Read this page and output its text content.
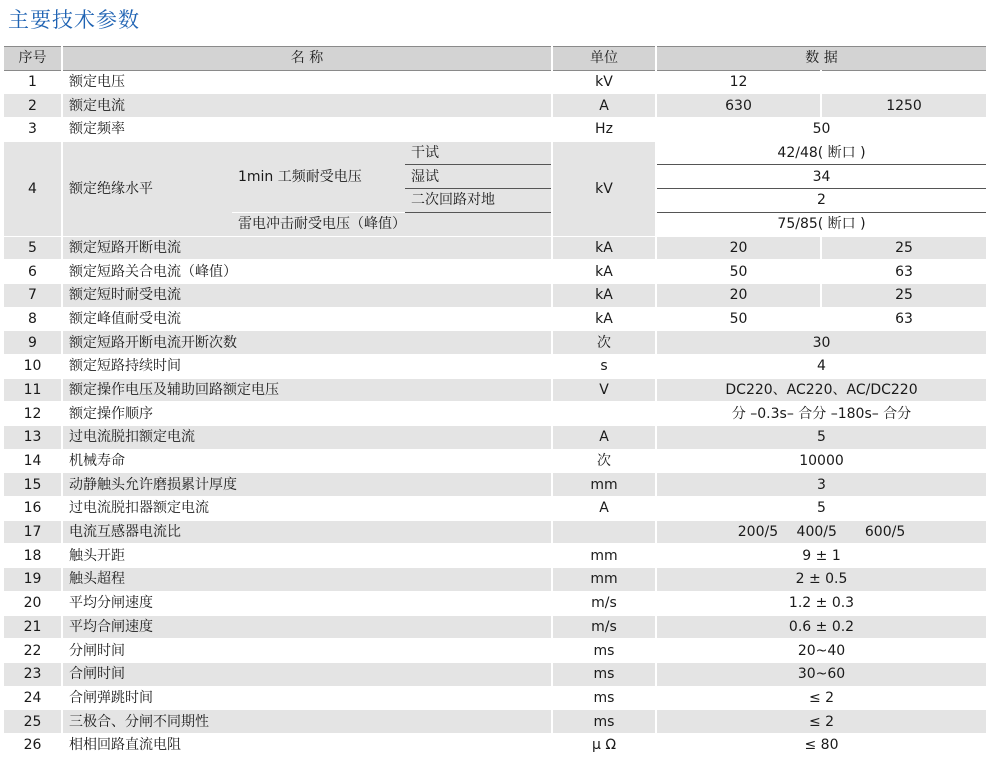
主要技术参数
序号	名 称			单位	数 据	
1	额定电压			kV	12	
2	额定电流			A	630	1250
3	额定频率			Hz	50	
4	额定绝缘水平	1min 工频耐受电压	干试	kV	42/48( 断口 )	
			湿试		34	
			二次回路对地		2	
		雷电冲击耐受电压（峰值）			75/85( 断口 )	
5	额定短路开断电流			kA	20	25
6	额定短路关合电流（峰值）			kA	50	63
7	额定短时耐受电流			kA	20	25
8	额定峰值耐受电流			kA	50	63
9	额定短路开断电流开断次数			次	30	
10	额定短路持续时间			s	4	
11	额定操作电压及辅助回路额定电压			V	DC220、AC220、AC/DC220	
12	额定操作顺序				分 –0.3s– 合分 –180s– 合分	
13	过电流脱扣额定电流			A	5	
14	机械寿命			次	10000	
15	动静触头允许磨损累计厚度			mm	3	
16	过电流脱扣器额定电流			A	5	
17	电流互感器电流比				200/5　 400/5　　600/5	
18	触头开距			mm	9 ± 1	
19	触头超程			mm	2 ± 0.5	
20	平均分闸速度			m/s	1.2 ± 0.3	
21	平均合闸速度			m/s	0.6 ± 0.2	
22	分闸时间			ms	20~40	
23	合闸时间			ms	30~60	
24	合闸弹跳时间			ms	≤ 2	
25	三极合、分闸不同期性			ms	≤ 2	
26	相相回路直流电阻			μ Ω	≤ 80	
